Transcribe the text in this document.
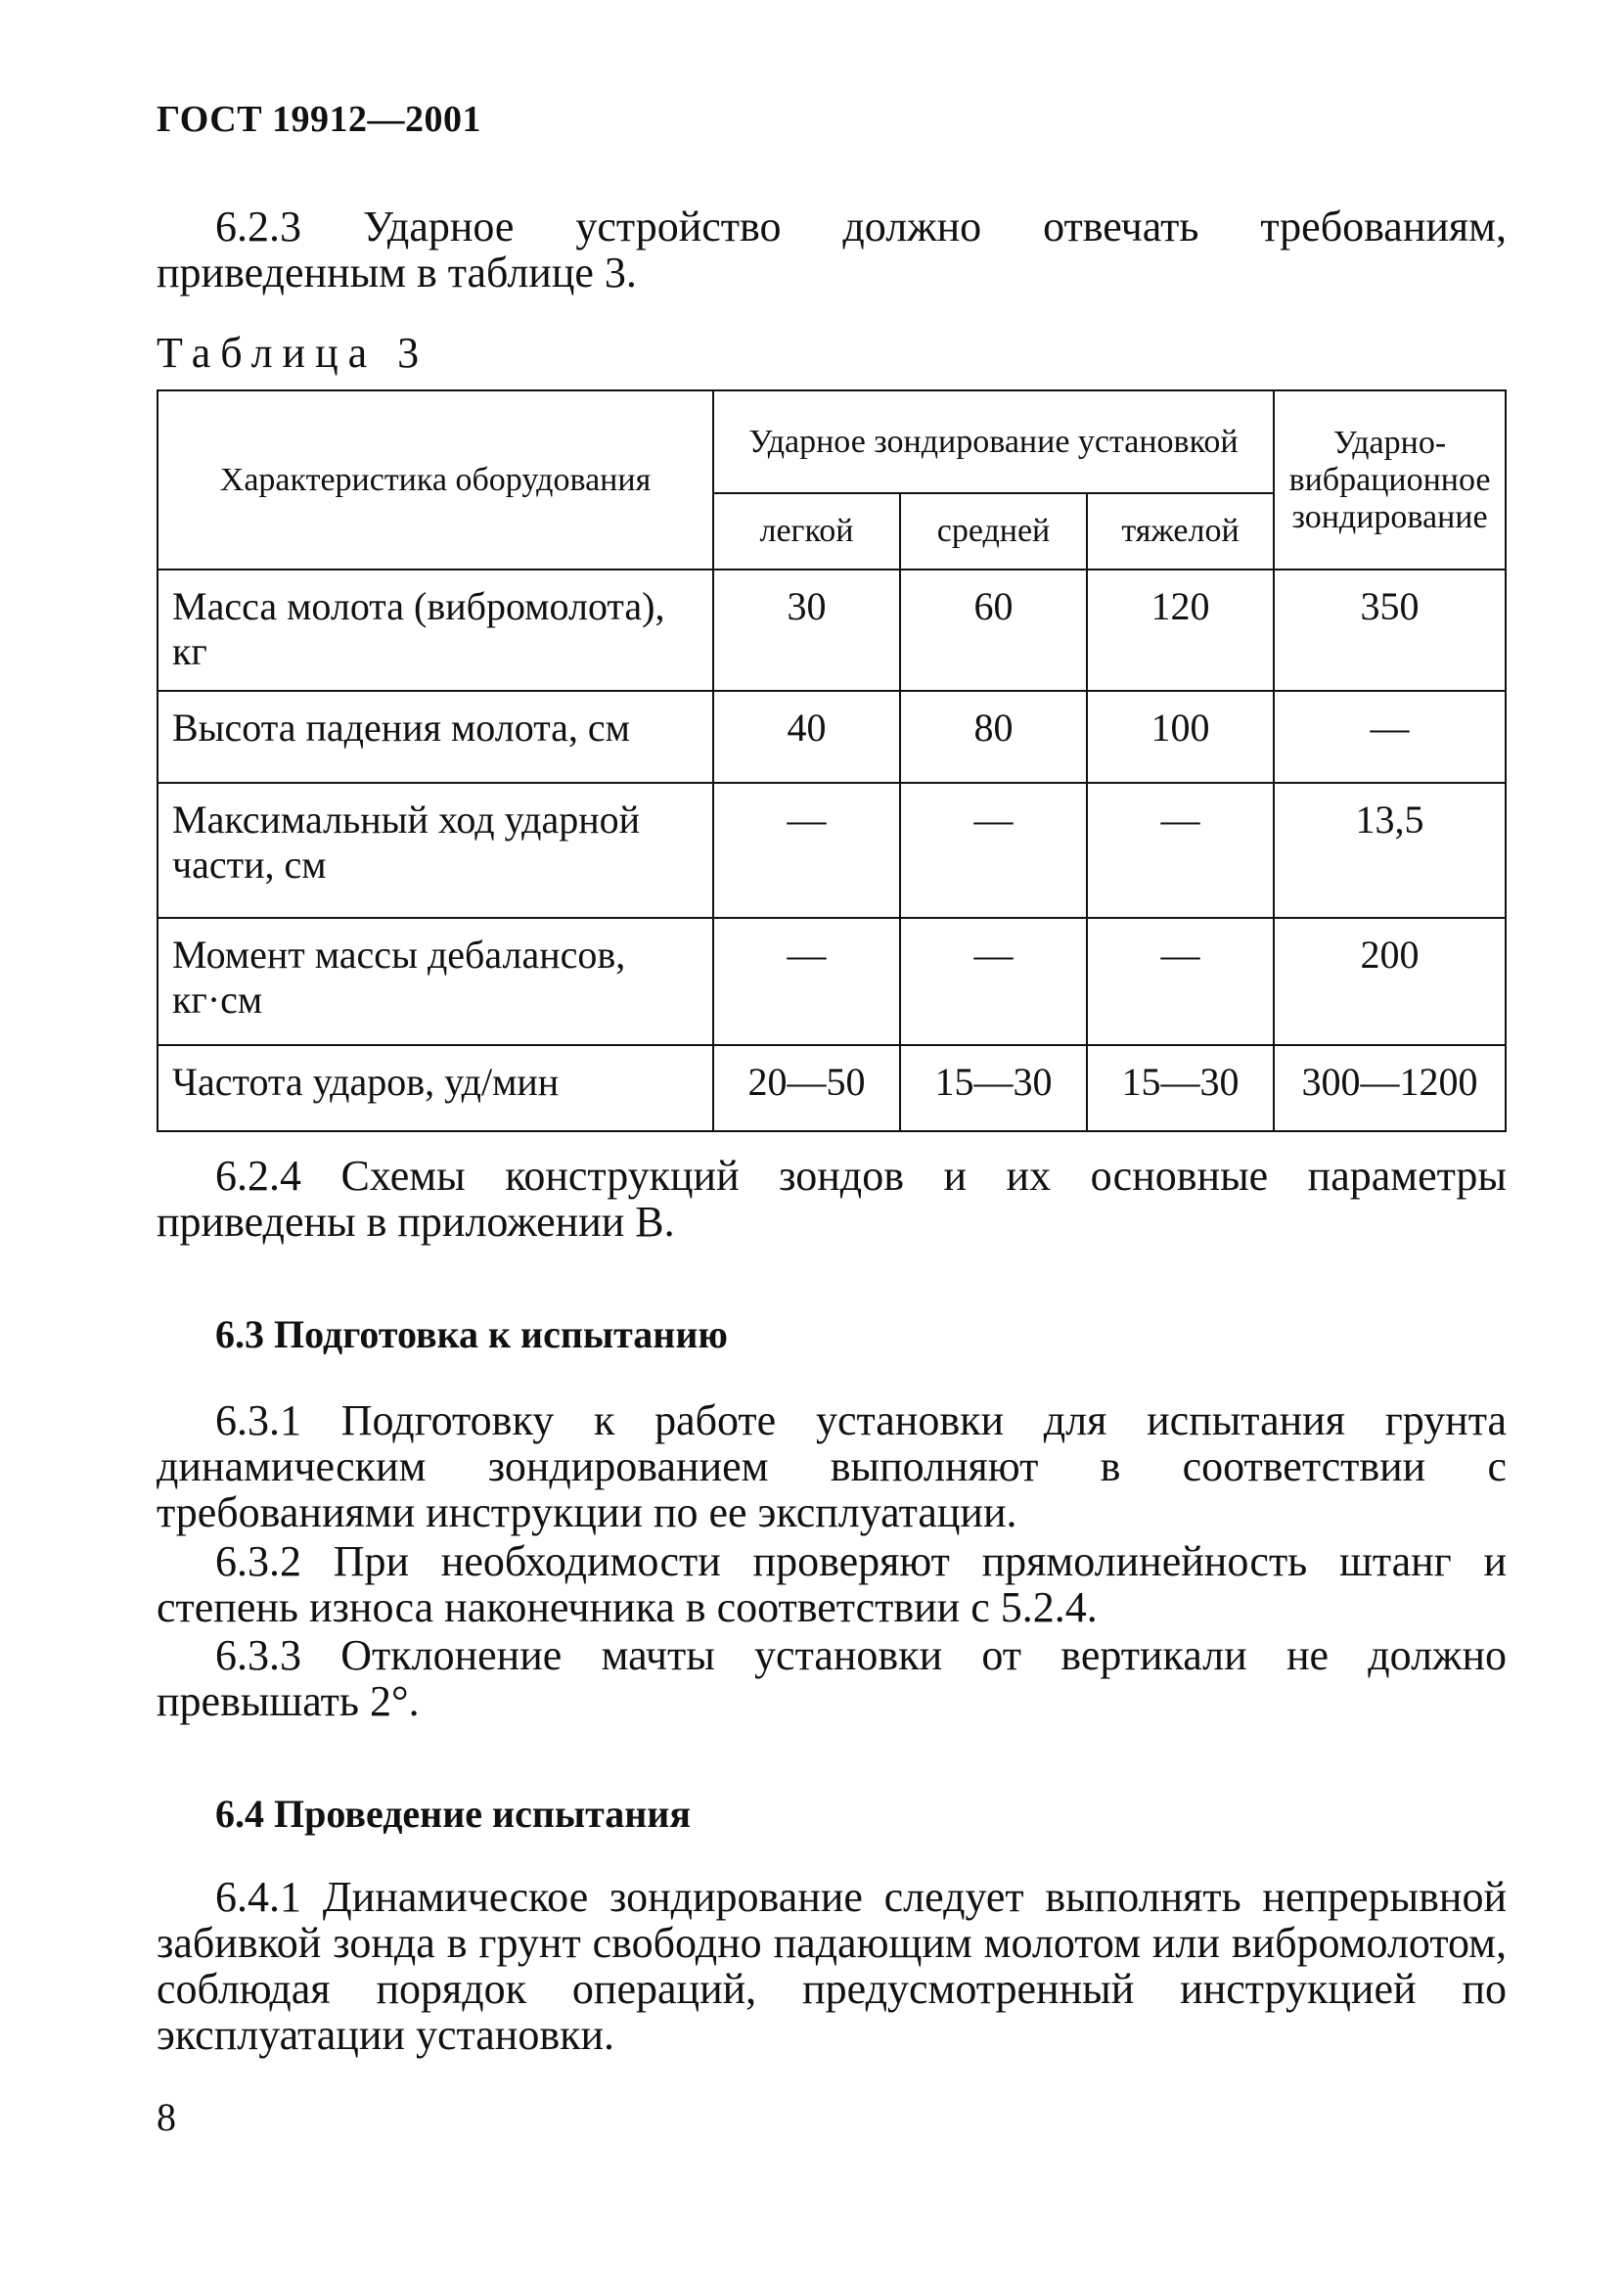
ГОСТ 19912—2001
6.2.3 Ударное устройство должно отвечать требованиям, приведенным в таблице 3.
Таблица 3
Характеристика оборудования	Ударное зондирование установкой			Ударно-вибрационное зондирование
	легкой	средней	тяжелой	
Масса молота (вибромолота), кг	30	60	120	350
Высота падения молота, см	40	80	100	—
Максимальный ход ударной части, см	—	—	—	13,5
Момент массы дебалансов, кг·см	—	—	—	200
Частота ударов, уд/мин	20—50	15—30	15—30	300—1200
6.2.4 Схемы конструкций зондов и их основные параметры приведены в приложении В.
6.3 Подготовка к испытанию
6.3.1 Подготовку к работе установки для испытания грунта динамическим зондированием выполняют в соответствии с требованиями инструкции по ее эксплуатации.
6.3.2 При необходимости проверяют прямолинейность штанг и степень износа наконечника в соответствии с 5.2.4.
6.3.3 Отклонение мачты установки от вертикали не должно превышать 2°.
6.4 Проведение испытания
6.4.1 Динамическое зондирование следует выполнять непрерывной забивкой зонда в грунт свободно падающим молотом или вибромолотом, соблюдая порядок операций, предусмотренный инструкцией по эксплуатации установки.
8
